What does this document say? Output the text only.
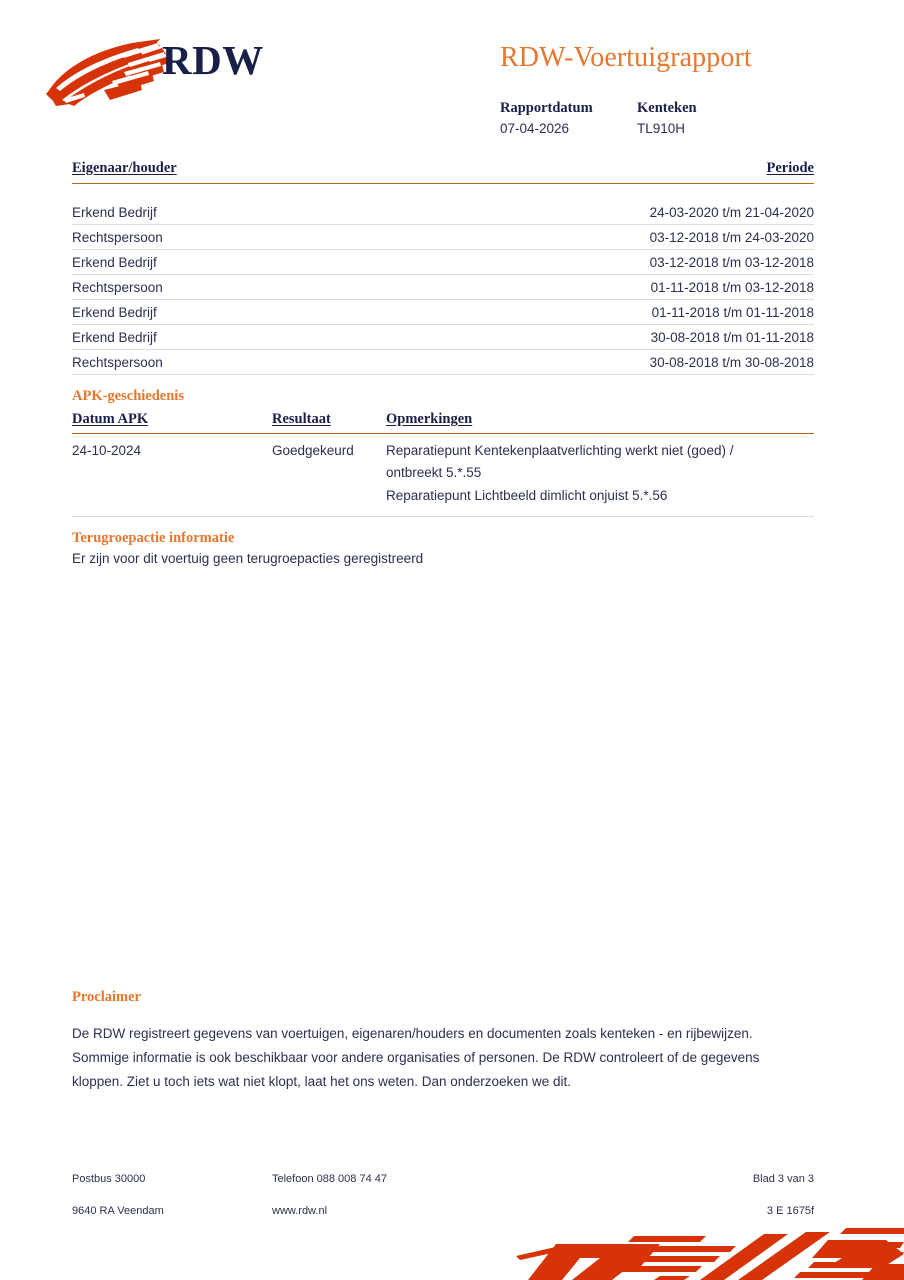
RDW	RDW-Voertuigrapport
Rapportdatum
07-04-2026
Kenteken
TL910H
Eigenaar/houder	Periode
Erkend Bedrijf	24-03-2020 t/m 21-04-2020
Rechtspersoon	03-12-2018 t/m 24-03-2020
Erkend Bedrijf	03-12-2018 t/m 03-12-2018
Rechtspersoon	01-11-2018 t/m 03-12-2018
Erkend Bedrijf	01-11-2018 t/m 01-11-2018
Erkend Bedrijf	30-08-2018 t/m 01-11-2018
Rechtspersoon	30-08-2018 t/m 30-08-2018
APK-geschiedenis
Datum APK	Resultaat	Opmerkingen
24-10-2024	Goedgekeurd	Reparatiepunt Kentekenplaatverlichting werkt niet (goed) /
ontbreekt 5.*.55
Reparatiepunt Lichtbeeld dimlicht onjuist 5.*.56
Terugroepactie informatie
Er zijn voor dit voertuig geen terugroepacties geregistreerd
Proclaimer
De RDW registreert gegevens van voertuigen, eigenaren/houders en documenten zoals kenteken - en rijbewijzen.
Sommige informatie is ook beschikbaar voor andere organisaties of personen. De RDW controleert of de gegevens
kloppen. Ziet u toch iets wat niet klopt, laat het ons weten. Dan onderzoeken we dit.
Postbus 30000	Telefoon 088 008 74 47	Blad 3 van 3
9640 RA Veendam	www.rdw.nl	3 E 1675f
